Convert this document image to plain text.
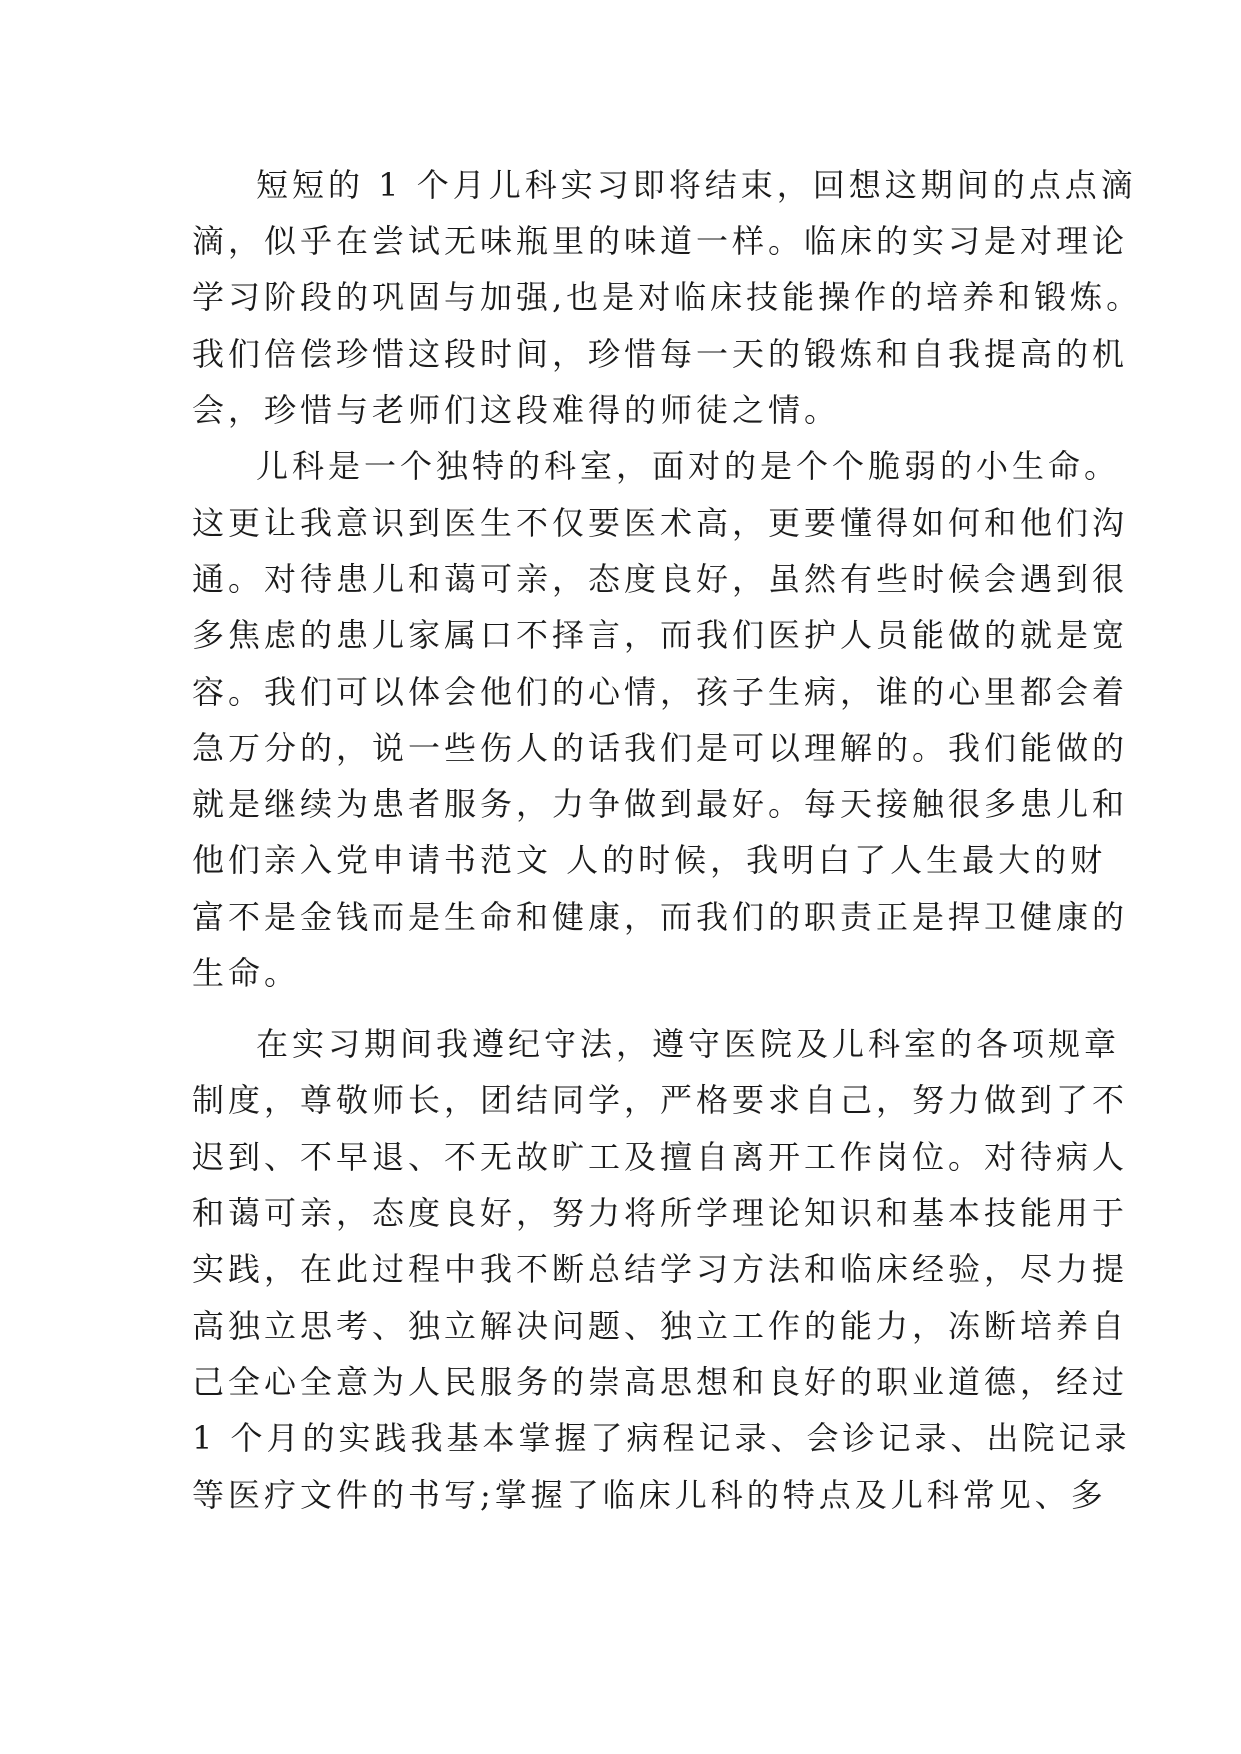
短短的 1 个月儿科实习即将结束，回想这期间的点点滴
滴，似乎在尝试无味瓶里的味道一样。临床的实习是对理论
学习阶段的巩固与加强,也是对临床技能操作的培养和锻炼。
我们倍偿珍惜这段时间，珍惜每一天的锻炼和自我提高的机
会，珍惜与老师们这段难得的师徒之情。
儿科是一个独特的科室，面对的是个个脆弱的小生命。
这更让我意识到医生不仅要医术高，更要懂得如何和他们沟
通。对待患儿和蔼可亲，态度良好，虽然有些时候会遇到很
多焦虑的患儿家属口不择言，而我们医护人员能做的就是宽
容。我们可以体会他们的心情，孩子生病，谁的心里都会着
急万分的，说一些伤人的话我们是可以理解的。我们能做的
就是继续为患者服务，力争做到最好。每天接触很多患儿和
他们亲入党申请书范文 人的时候，我明白了人生最大的财
富不是金钱而是生命和健康，而我们的职责正是捍卫健康的
生命。
在实习期间我遵纪守法，遵守医院及儿科室的各项规章
制度，尊敬师长，团结同学，严格要求自己，努力做到了不
迟到、不早退、不无故旷工及擅自离开工作岗位。对待病人
和蔼可亲，态度良好，努力将所学理论知识和基本技能用于
实践，在此过程中我不断总结学习方法和临床经验，尽力提
高独立思考、独立解决问题、独立工作的能力，冻断培养自
己全心全意为人民服务的崇高思想和良好的职业道德，经过
1 个月的实践我基本掌握了病程记录、会诊记录、出院记录
等医疗文件的书写;掌握了临床儿科的特点及儿科常见、多
